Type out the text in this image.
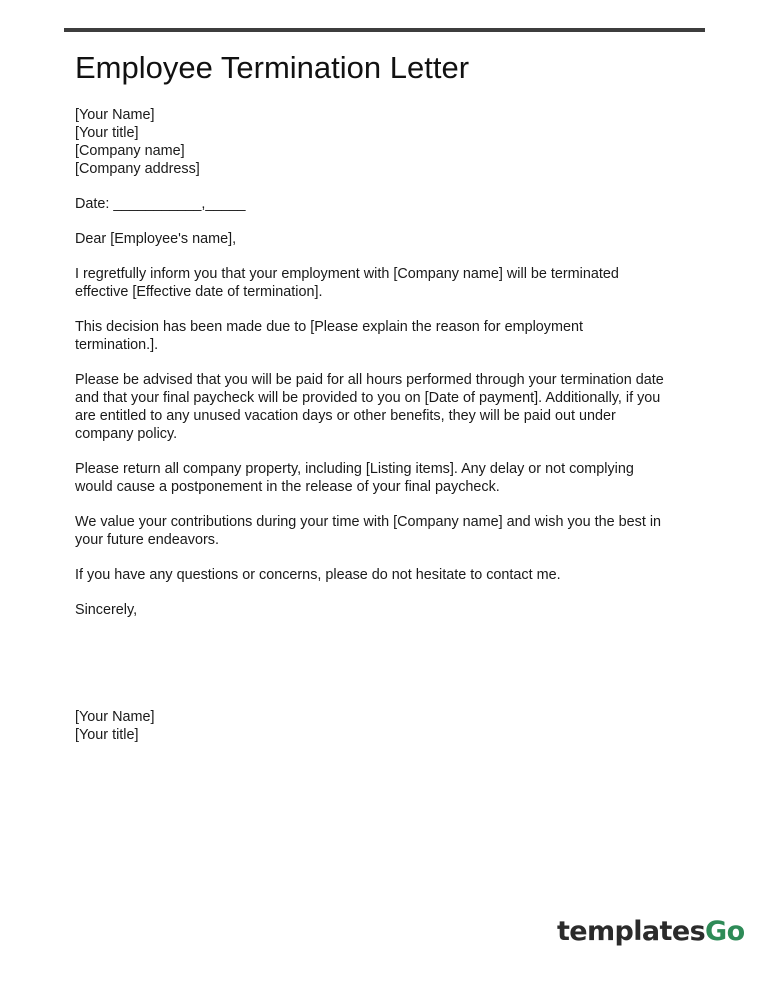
Employee Termination Letter
[Your Name]
[Your title]
[Company name]
[Company address]
Date: ___________,_____
Dear [Employee's name],
I regretfully inform you that your employment with [Company name] will be terminated
effective [Effective date of termination].
This decision has been made due to [Please explain the reason for employment
termination.].
Please be advised that you will be paid for all hours performed through your termination date
and that your final paycheck will be provided to you on [Date of payment]. Additionally, if you
are entitled to any unused vacation days or other benefits, they will be paid out under
company policy.
Please return all company property, including [Listing items]. Any delay or not complying
would cause a postponement in the release of your final paycheck.
We value your contributions during your time with [Company name] and wish you the best in
your future endeavors.
If you have any questions or concerns, please do not hesitate to contact me.
Sincerely,
[Your Name]
[Your title]
templatesGo
